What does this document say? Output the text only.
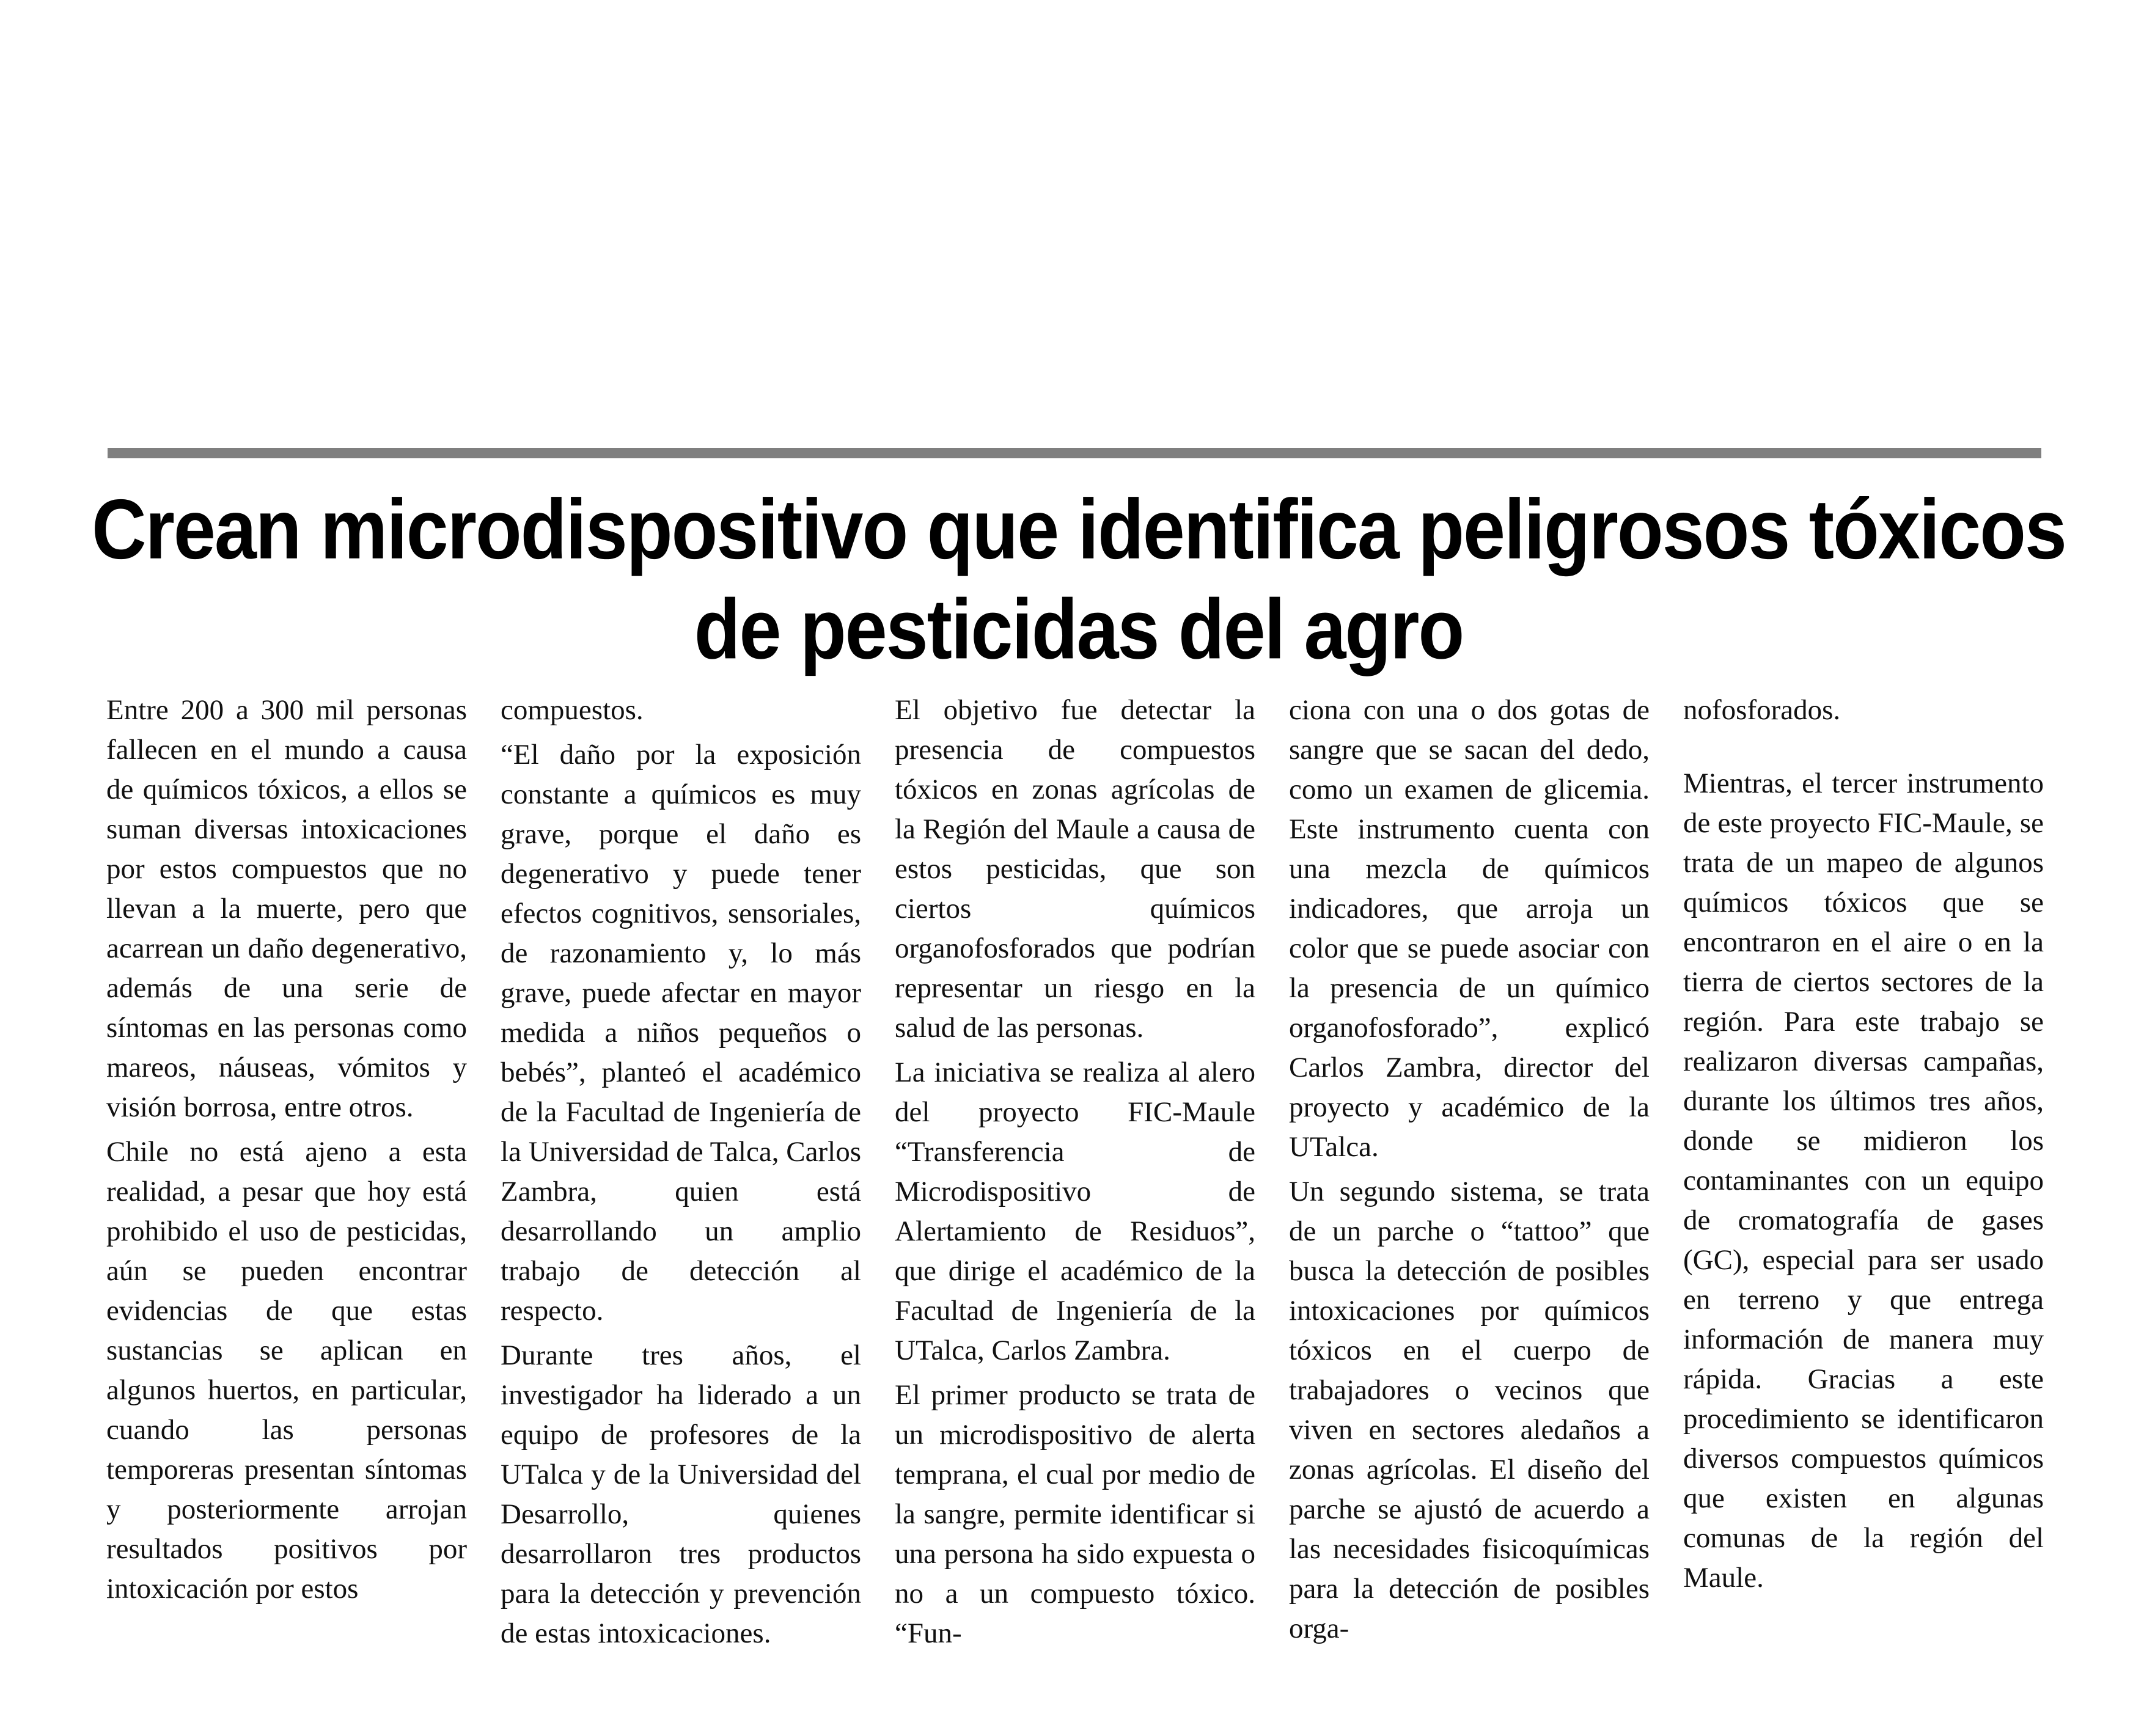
Crean microdispositivo que identifica peligrosos tóxicos
de pesticidas del agro

Entre 200 a 300 mil personas fallecen en el mundo a causa de químicos tóxicos, a ellos se suman diversas intoxicaciones por estos compuestos que no llevan a la muerte, pero que acarrean un daño degenerativo, además de una serie de síntomas en las personas como mareos, náuseas, vómitos y visión borrosa, entre otros.

Chile no está ajeno a esta realidad, a pesar que hoy está prohibido el uso de pesticidas, aún se pueden encontrar evidencias de que estas sustancias se aplican en algunos huertos, en particular, cuando las personas temporeras presentan síntomas y posteriormente arrojan resultados positivos por intoxicación por estos

compuestos.

“El daño por la exposición constante a químicos es muy grave, porque el daño es degenerativo y puede tener efectos cognitivos, sensoriales, de razonamiento y, lo más grave, puede afectar en mayor medida a niños pequeños o bebés”, planteó el académico de la Facultad de Ingeniería de la Universidad de Talca, Carlos Zambra, quien está desarrollando un amplio trabajo de detección al respecto.

Durante tres años, el investigador ha liderado a un equipo de profesores de la UTalca y de la Universidad del Desarrollo, quienes desarrollaron tres productos para la detección y prevención de estas intoxicaciones.

El objetivo fue detectar la presencia de compuestos tóxicos en zonas agrícolas de la Región del Maule a causa de estos pesticidas, que son ciertos químicos organofosforados que podrían representar un riesgo en la salud de las personas.

La iniciativa se realiza al alero del proyecto FIC-Maule “Transferencia de Microdispositivo de Alertamiento de Residuos”, que dirige el académico de la Facultad de Ingeniería de la UTalca, Carlos Zambra.

El primer producto se trata de un microdispositivo de alerta temprana, el cual por medio de la sangre, permite identificar si una persona ha sido expuesta o no a un compuesto tóxico. “Fun-

ciona con una o dos gotas de sangre que se sacan del dedo, como un examen de glicemia. Este instrumento cuenta con una mezcla de químicos indicadores, que arroja un color que se puede asociar con la presencia de un químico organofosforado”, explicó Carlos Zambra, director del proyecto y académico de la UTalca.

Un segundo sistema, se trata de un parche o “tattoo” que busca la detección de posibles intoxicaciones por químicos tóxicos en el cuerpo de trabajadores o vecinos que viven en sectores aledaños a zonas agrícolas. El diseño del parche se ajustó de acuerdo a las necesidades fisicoquímicas para la detección de posibles orga-

nofosforados.

Mientras, el tercer instrumento de este proyecto FIC-Maule, se trata de un mapeo de algunos químicos tóxicos que se encontraron en el aire o en la tierra de ciertos sectores de la región. Para este trabajo se realizaron diversas campañas, durante los últimos tres años, donde se midieron los contaminantes con un equipo de cromatografía de gases (GC), especial para ser usado en terreno y que entrega información de manera muy rápida. Gracias a este procedimiento se identificaron diversos compuestos químicos que existen en algunas comunas de la región del Maule.
